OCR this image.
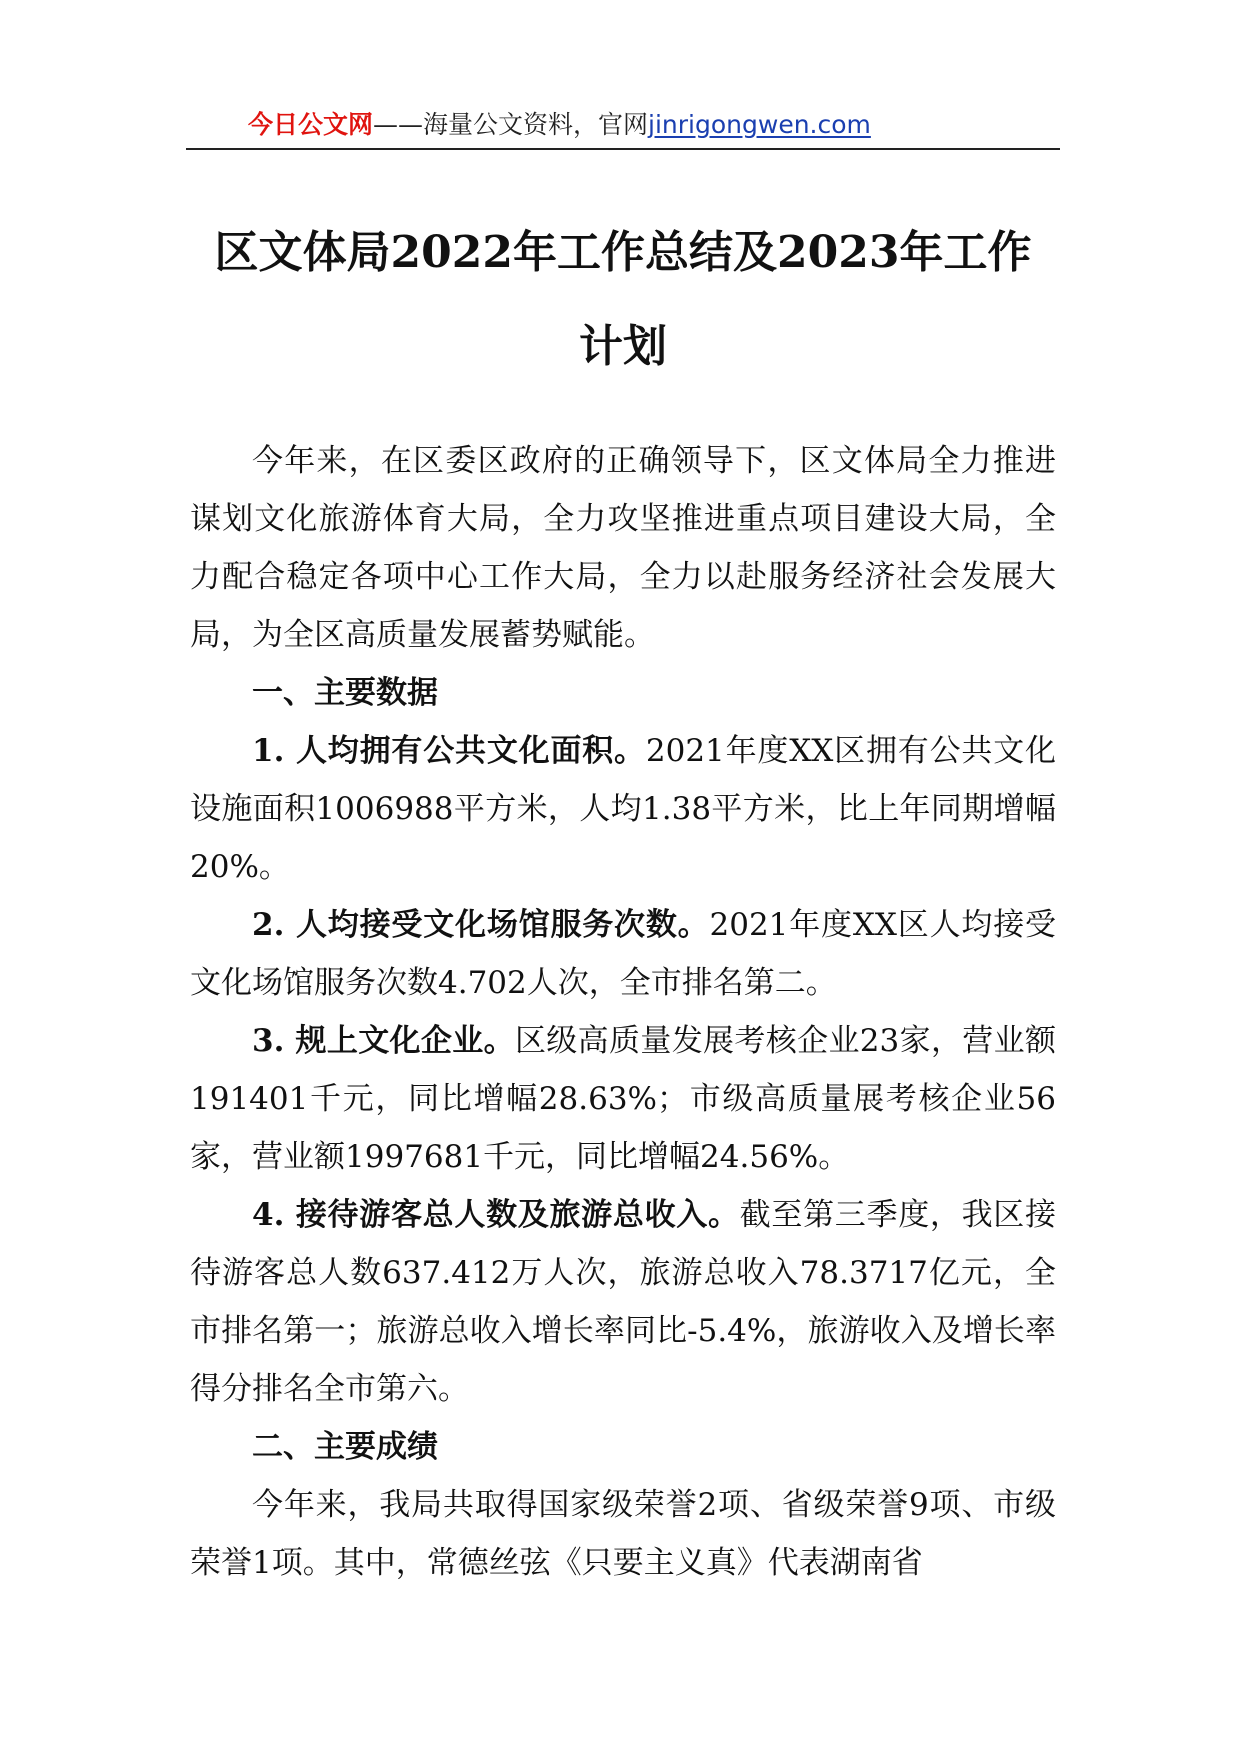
今日公文网——海量公文资料，官网jinrigongwen.com
区文体局2022年工作总结及2023年工作
计划

今年来，在区委区政府的正确领导下，区文体局全力推进谋划文化旅游体育大局，全力攻坚推进重点项目建设大局，全力配合稳定各项中心工作大局，全力以赴服务经济社会发展大局，为全区高质量发展蓄势赋能。

一、主要数据

1. 人均拥有公共文化面积。2021年度XX区拥有公共文化设施面积1006988平方米，人均1.38平方米，比上年同期增幅20%。

2. 人均接受文化场馆服务次数。2021年度XX区人均接受文化场馆服务次数4.702人次，全市排名第二。

3. 规上文化企业。区级高质量发展考核企业23家，营业额191401千元，同比增幅28.63%；市级高质量展考核企业56家，营业额1997681千元，同比增幅24.56%。

4. 接待游客总人数及旅游总收入。截至第三季度，我区接待游客总人数637.412万人次，旅游总收入78.3717亿元，全市排名第一；旅游总收入增长率同比-5.4%，旅游收入及增长率得分排名全市第六。

二、主要成绩

今年来，我局共取得国家级荣誉2项、省级荣誉9项、市级荣誉1项。其中，常德丝弦《只要主义真》代表湖南省
